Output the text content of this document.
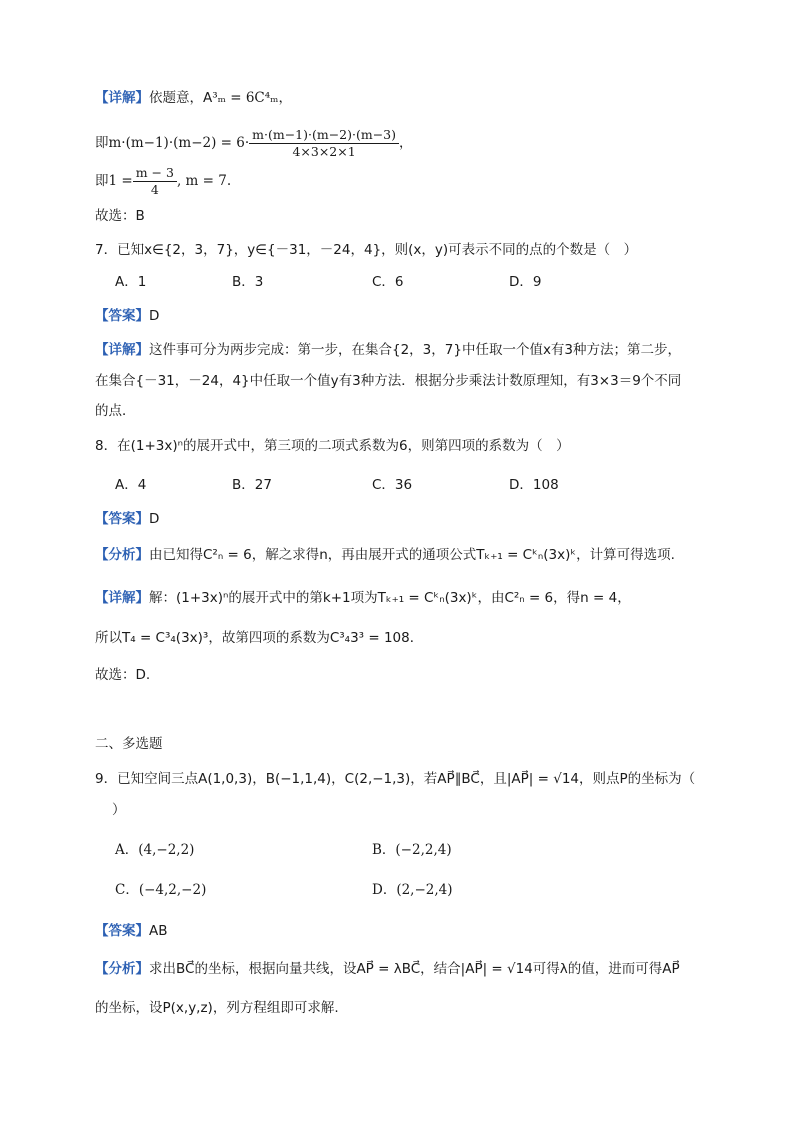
【详解】依题意，A³ₘ = 6C⁴ₘ，
即$m\cdot(m-1)\cdot(m-2) = 6\cdot \frac{m\cdot(m-1)\cdot(m-2)\cdot(m-3)}{4\times 3\times 2\times 1}$ ，
即$1 = \frac{m - 3}{4}$ , m = 7.
故选：B
7．已知x∈{2，3，7}，y∈{－31，－24，4}，则(x，y)可表示不同的点的个数是（　）
A．1	B．3	C．6	D．9
【答案】D
【详解】这件事可分为两步完成：第一步，在集合{2，3，7}中任取一个值x有3种方法；第二步，
在集合{－31，－24，4}中任取一个值y有3种方法．根据分步乘法计数原理知，有3×3＝9个不同
的点．
8．在(1+3x)ⁿ的展开式中，第三项的二项式系数为6，则第四项的系数为（　）
A．4	B．27	C．36	D．108
【答案】D
【分析】由已知得C²ₙ = 6，解之求得n，再由展开式的通项公式Tₖ₊₁ = Cᵏₙ(3x)ᵏ，计算可得选项.
【详解】解：(1+3x)ⁿ的展开式中的第k+1项为Tₖ₊₁ = Cᵏₙ(3x)ᵏ，由C²ₙ = 6，得n = 4，
所以T₄ = C³₄(3x)³，故第四项的系数为C³₄3³ = 108．
故选：D.
二、多选题
9．已知空间三点A(1,0,3)，B(−1,1,4)，C(2,−1,3)，若AP⃗∥BC⃗，且|AP⃗| = √14，则点P的坐标为（
）
A．(4,−2,2)	B．(−2,2,4)
C．(−4,2,−2)	D．(2,−2,4)
【答案】AB
【分析】求出BC⃗的坐标，根据向量共线，设AP⃗ = λBC⃗，结合|AP⃗| = √14可得λ的值，进而可得AP⃗
的坐标，设P(x,y,z)，列方程组即可求解.
